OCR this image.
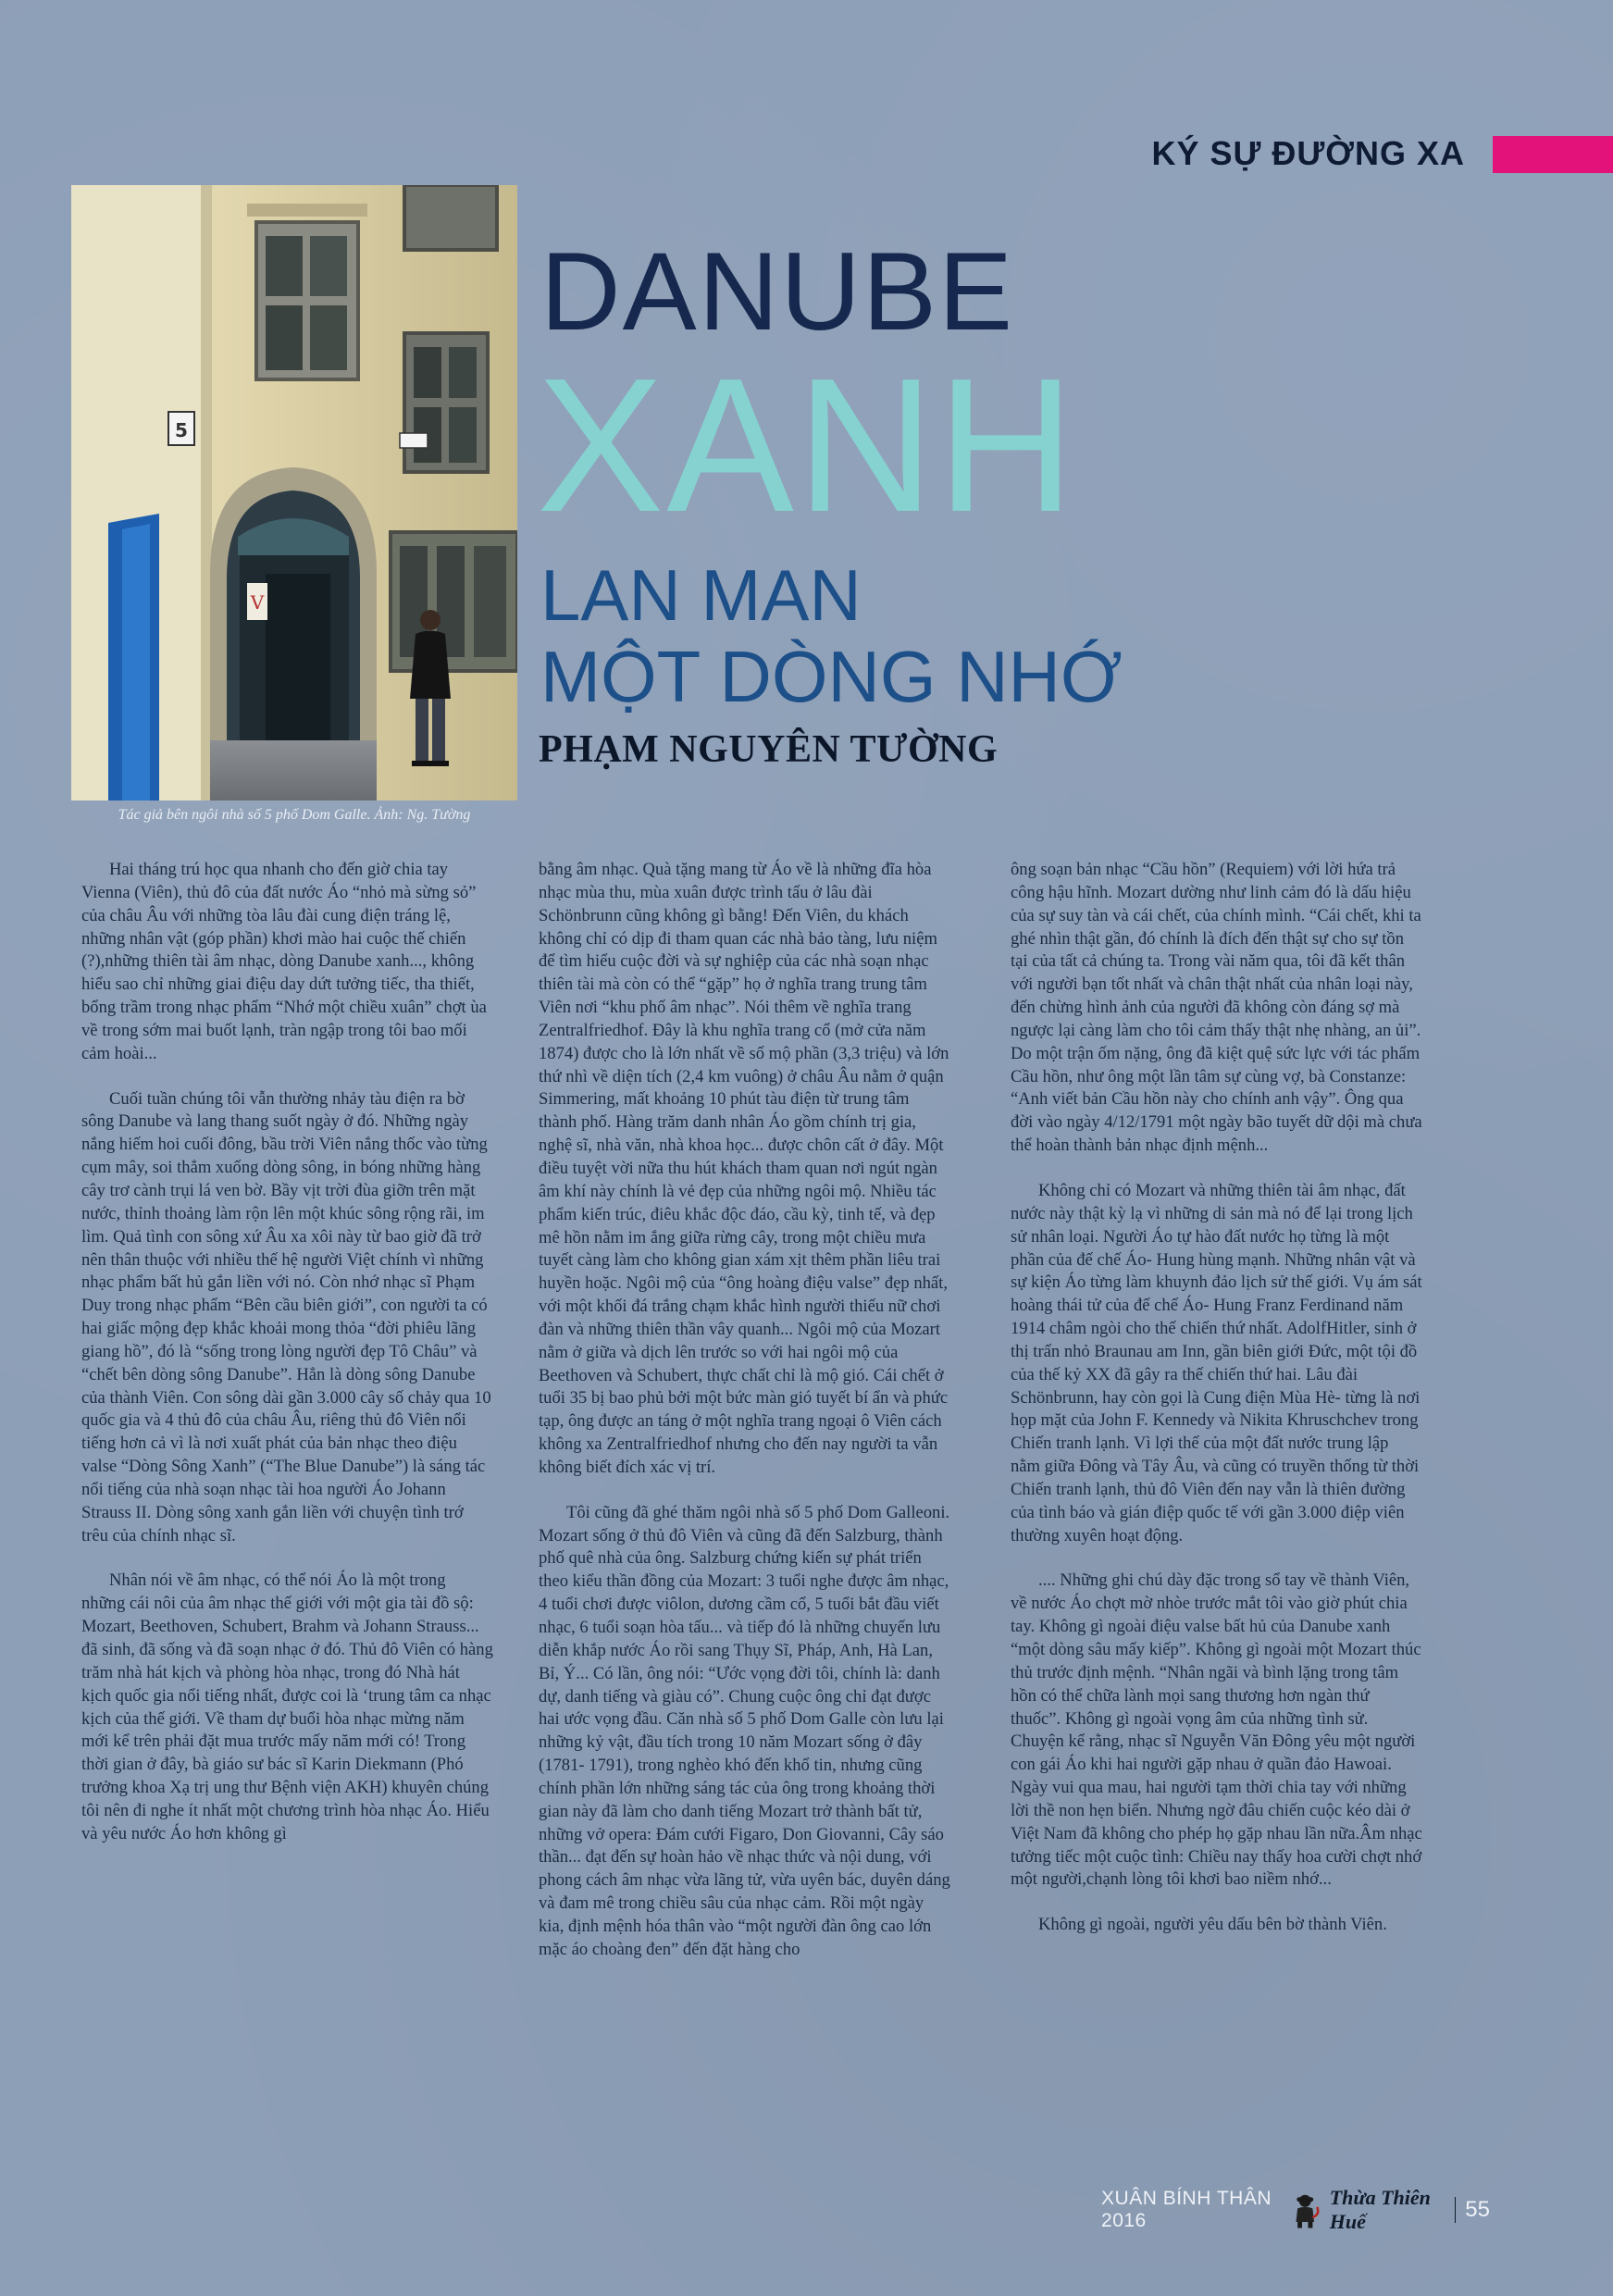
KÝ SỰ ĐƯỜNG XA
5
V
Tác giả bên ngôi nhà số 5 phố Dom Galle. Ảnh: Ng. Tường
DANUBE
XANH
LAN MAN
MỘT DÒNG NHỚ
PHẠM NGUYÊN TƯỜNG

Hai tháng trú học qua nhanh cho đến giờ chia tay Vienna (Viên), thủ đô của đất nước Áo “nhỏ mà sừng sỏ” của châu Âu với những tòa lâu đài cung điện tráng lệ, những nhân vật (góp phần) khơi mào hai cuộc thế chiến (?),những thiên tài âm nhạc, dòng Danube xanh..., không hiểu sao chỉ những giai điệu day dứt tưởng tiếc, tha thiết, bổng trầm trong nhạc phẩm “Nhớ một chiều xuân” chợt ùa về trong sớm mai buốt lạnh, tràn ngập trong tôi bao mối cảm hoài...

Cuối tuần chúng tôi vẫn thường nhảy tàu điện ra bờ sông Danube và lang thang suốt ngày ở đó. Những ngày nắng hiếm hoi cuối đông, bầu trời Viên nắng thốc vào từng cụm mây, soi thẳm xuống dòng sông, in bóng những hàng cây trơ cành trụi lá ven bờ. Bầy vịt trời đùa giỡn trên mặt nước, thỉnh thoảng làm rộn lên một khúc sông rộng rãi, im lìm. Quả tình con sông xứ Âu xa xôi này từ bao giờ đã trở nên thân thuộc với nhiều thế hệ người Việt chính vì những nhạc phẩm bất hủ gắn liền với nó. Còn nhớ nhạc sĩ Phạm Duy trong nhạc phẩm “Bên cầu biên giới”, con người ta có hai giấc mộng đẹp khắc khoải mong thỏa “đời phiêu lãng giang hồ”, đó là “sống trong lòng người đẹp Tô Châu” và “chết bên dòng sông Danube”. Hẳn là dòng sông Danube của thành Viên. Con sông dài gần 3.000 cây số chảy qua 10 quốc gia và 4 thủ đô của châu Âu, riêng thủ đô Viên nổi tiếng hơn cả vì là nơi xuất phát của bản nhạc theo điệu valse “Dòng Sông Xanh” (“The Blue Danube”) là sáng tác nổi tiếng của nhà soạn nhạc tài hoa người Áo Johann Strauss II. Dòng sông xanh gắn liền với chuyện tình trớ trêu của chính nhạc sĩ.

Nhân nói về âm nhạc, có thể nói Áo là một trong những cái nôi của âm nhạc thế giới với một gia tài đồ sộ: Mozart, Beethoven, Schubert, Brahm và Johann Strauss... đã sinh, đã sống và đã soạn nhạc ở đó. Thủ đô Viên có hàng trăm nhà hát kịch và phòng hòa nhạc, trong đó Nhà hát kịch quốc gia nổi tiếng nhất, được coi là ‘trung tâm ca nhạc kịch của thế giới. Về tham dự buổi hòa nhạc mừng năm mới kể trên phải đặt mua trước mấy năm mới có! Trong thời gian ở đây, bà giáo sư bác sĩ Karin Diekmann (Phó trưởng khoa Xạ trị ung thư Bệnh viện AKH) khuyên chúng tôi nên đi nghe ít nhất một chương trình hòa nhạc Áo. Hiểu và yêu nước Áo hơn không gì

bằng âm nhạc. Quà tặng mang từ Áo về là những đĩa hòa nhạc mùa thu, mùa xuân được trình tấu ở lâu đài Schönbrunn cũng không gì bằng! Đến Viên, du khách không chỉ có dịp đi tham quan các nhà bảo tàng, lưu niệm để tìm hiểu cuộc đời và sự nghiệp của các nhà soạn nhạc thiên tài mà còn có thể “gặp” họ ở nghĩa trang trung tâm Viên nơi “khu phố âm nhạc”. Nói thêm về nghĩa trang Zentralfriedhof. Đây là khu nghĩa trang cổ (mở cửa năm 1874) được cho là lớn nhất về số mộ phần (3,3 triệu) và lớn thứ nhì về diện tích (2,4 km vuông) ở châu Âu nằm ở quận Simmering, mất khoảng 10 phút tàu điện từ trung tâm thành phố. Hàng trăm danh nhân Áo gồm chính trị gia, nghệ sĩ, nhà văn, nhà khoa học... được chôn cất ở đây. Một điều tuyệt vời nữa thu hút khách tham quan nơi ngút ngàn âm khí này chính là vẻ đẹp của những ngôi mộ. Nhiều tác phẩm kiến trúc, điêu khắc độc đáo, cầu kỳ, tinh tế, và đẹp mê hồn nằm im ắng giữa rừng cây, trong một chiều mưa tuyết càng làm cho không gian xám xịt thêm phần liêu trai huyền hoặc. Ngôi mộ của “ông hoàng điệu valse” đẹp nhất, với một khối đá trắng chạm khắc hình người thiếu nữ chơi đàn và những thiên thần vây quanh... Ngôi mộ của Mozart nằm ở giữa và dịch lên trước so với hai ngôi mộ của Beethoven và Schubert, thực chất chỉ là mộ gió. Cái chết ở tuổi 35 bị bao phủ bởi một bức màn gió tuyết bí ẩn và phức tạp, ông được an táng ở một nghĩa trang ngoại ô Viên cách không xa Zentralfriedhof nhưng cho đến nay người ta vẫn không biết đích xác vị trí.

Tôi cũng đã ghé thăm ngôi nhà số 5 phố Dom Galleoni. Mozart sống ở thủ đô Viên và cũng đã đến Salzburg, thành phố quê nhà của ông. Salzburg chứng kiến sự phát triển theo kiểu thần đồng của Mozart: 3 tuổi nghe được âm nhạc, 4 tuổi chơi được viôlon, dương cầm cổ, 5 tuổi bắt đầu viết nhạc, 6 tuổi soạn hòa tấu... và tiếp đó là những chuyến lưu diễn khắp nước Áo rồi sang Thụy Sĩ, Pháp, Anh, Hà Lan, Bỉ, Ý... Có lần, ông nói: “Ước vọng đời tôi, chính là: danh dự, danh tiếng và giàu có”. Chung cuộc ông chỉ đạt được hai ước vọng đầu. Căn nhà số 5 phố Dom Galle còn lưu lại những kỷ vật, đầu tích trong 10 năm Mozart sống ở đây (1781- 1791), trong nghèo khó đến khổ tin, nhưng cũng chính phần lớn những sáng tác của ông trong khoảng thời gian này đã làm cho danh tiếng Mozart trở thành bất tử, những vở opera: Đám cưới Figaro, Don Giovanni, Cây sáo thần... đạt đến sự hoàn hảo về nhạc thức và nội dung, với phong cách âm nhạc vừa lãng tử, vừa uyên bác, duyên dáng và đam mê trong chiều sâu của nhạc cảm. Rồi một ngày kia, định mệnh hóa thân vào “một người đàn ông cao lớn mặc áo choàng đen” đến đặt hàng cho

ông soạn bản nhạc “Cầu hồn” (Requiem) với lời hứa trả công hậu hĩnh. Mozart dường như linh cảm đó là dấu hiệu của sự suy tàn và cái chết, của chính mình. “Cái chết, khi ta ghé nhìn thật gần, đó chính là đích đến thật sự cho sự tồn tại của tất cả chúng ta. Trong vài năm qua, tôi đã kết thân với người bạn tốt nhất và chân thật nhất của nhân loại này, đến chừng hình ảnh của người đã không còn đáng sợ mà ngược lại càng làm cho tôi cảm thấy thật nhẹ nhàng, an ủi”. Do một trận ốm nặng, ông đã kiệt quệ sức lực với tác phẩm Cầu hồn, như ông một lần tâm sự cùng vợ, bà Constanze: “Anh viết bản Cầu hồn này cho chính anh vậy”. Ông qua đời vào ngày 4/12/1791 một ngày bão tuyết dữ dội mà chưa thể hoàn thành bản nhạc định mệnh...

Không chỉ có Mozart và những thiên tài âm nhạc, đất nước này thật kỳ lạ vì những di sản mà nó để lại trong lịch sử nhân loại. Người Áo tự hào đất nước họ từng là một phần của đế chế Áo- Hung hùng mạnh. Những nhân vật và sự kiện Áo từng làm khuynh đảo lịch sử thế giới. Vụ ám sát hoàng thái tử của đế chế Áo- Hung Franz Ferdinand năm 1914 châm ngòi cho thế chiến thứ nhất. AdolfHitler, sinh ở thị trấn nhỏ Braunau am Inn, gần biên giới Đức, một tội đồ của thế kỷ XX đã gây ra thế chiến thứ hai. Lâu đài Schönbrunn, hay còn gọi là Cung điện Mùa Hè- từng là nơi họp mặt của John F. Kennedy và Nikita Khruschchev trong Chiến tranh lạnh. Vì lợi thế của một đất nước trung lập nằm giữa Đông và Tây Âu, và cũng có truyền thống từ thời Chiến tranh lạnh, thủ đô Viên đến nay vẫn là thiên đường của tình báo và gián điệp quốc tế với gần 3.000 điệp viên thường xuyên hoạt động.

.... Những ghi chú dày đặc trong sổ tay về thành Viên, về nước Áo chợt mờ nhòe trước mắt tôi vào giờ phút chia tay. Không gì ngoài điệu valse bất hủ của Danube xanh “một dòng sâu mấy kiếp”. Không gì ngoài một Mozart thúc thủ trước định mệnh. “Nhân ngãi và bình lặng trong tâm hồn có thể chữa lành mọi sang thương hơn ngàn thứ thuốc”. Không gì ngoài vọng âm của những tình sử. Chuyện kể rằng, nhạc sĩ Nguyễn Văn Đông yêu một người con gái Áo khi hai người gặp nhau ở quần đảo Hawoai. Ngày vui qua mau, hai người tạm thời chia tay với những lời thề non hẹn biển. Nhưng ngờ đâu chiến cuộc kéo dài ở Việt Nam đã không cho phép họ gặp nhau lần nữa.Âm nhạc tưởng tiếc một cuộc tình: Chiều nay thấy hoa cười chợt nhớ một người,chạnh lòng tôi khơi bao niềm nhớ...

Không gì ngoài, người yêu dấu bên bờ thành Viên.

XUÂN BÍNH THÂN 2016
Thừa Thiên Huế	55
